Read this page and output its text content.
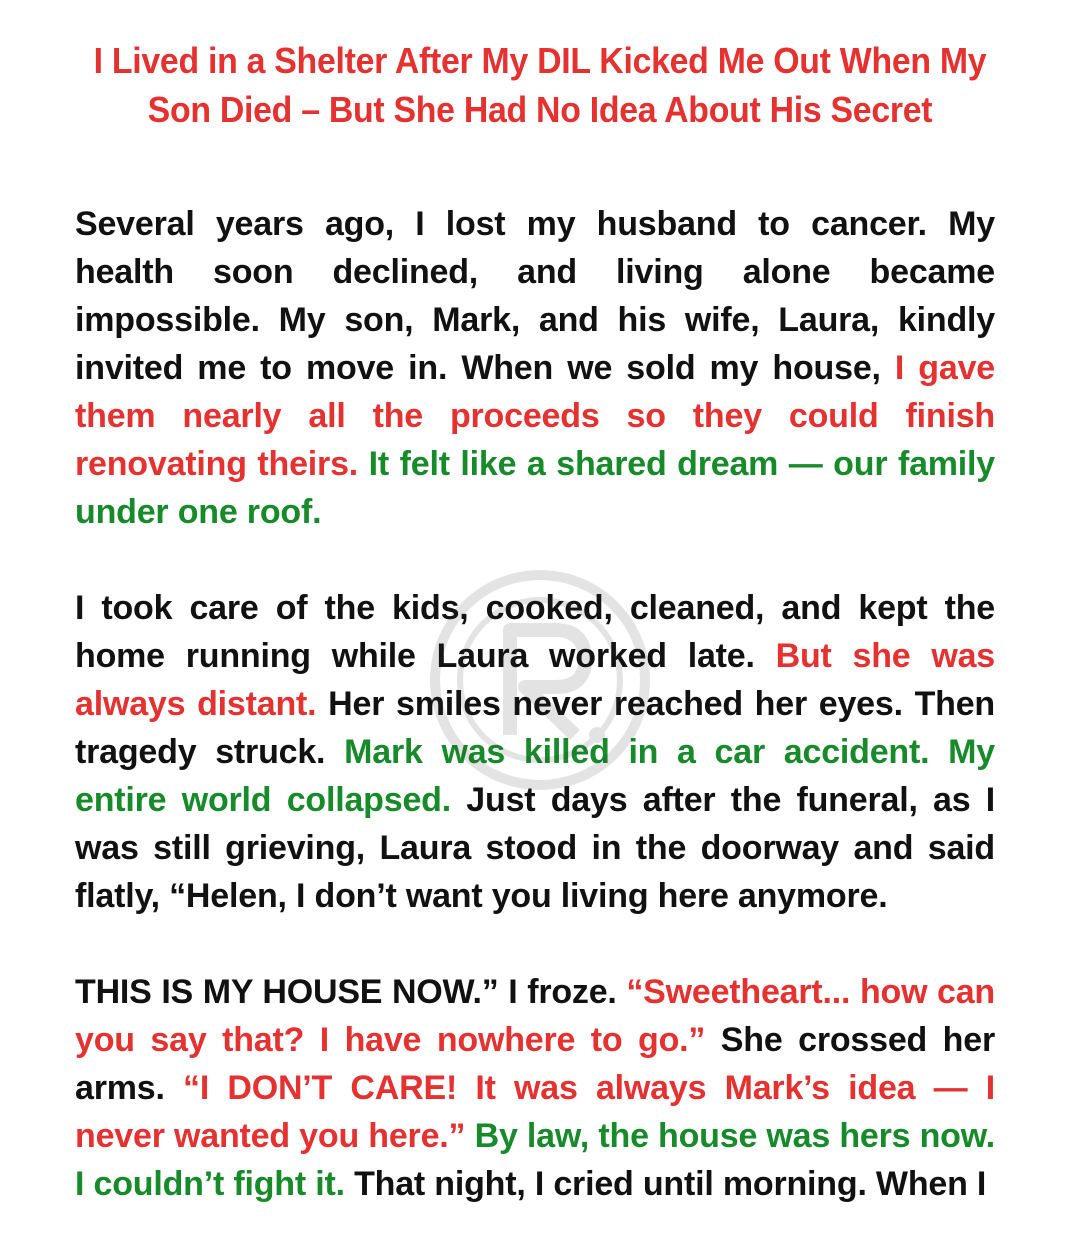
I Lived in a Shelter After My DIL Kicked Me Out When My Son Died – But She Had No Idea About His Secret

Several years ago, I lost my husband to cancer. My health soon declined, and living alone became impossible. My son, Mark, and his wife, Laura, kindly invited me to move in. When we sold my house, I gave them nearly all the proceeds so they could finish renovating theirs. It felt like a shared dream — our family under one roof.

I took care of the kids, cooked, cleaned, and kept the home running while Laura worked late. But she was always distant. Her smiles never reached her eyes. Then tragedy struck. Mark was killed in a car accident. My entire world collapsed. Just days after the funeral, as I was still grieving, Laura stood in the doorway and said flatly, “Helen, I don’t want you living here anymore.

THIS IS MY HOUSE NOW.” I froze. “Sweetheart... how can you say that? I have nowhere to go.” She crossed her arms. “I DON’T CARE! It was always Mark’s idea — I never wanted you here.” By law, the house was hers now. I couldn’t fight it. That night, I cried until morning. When I
